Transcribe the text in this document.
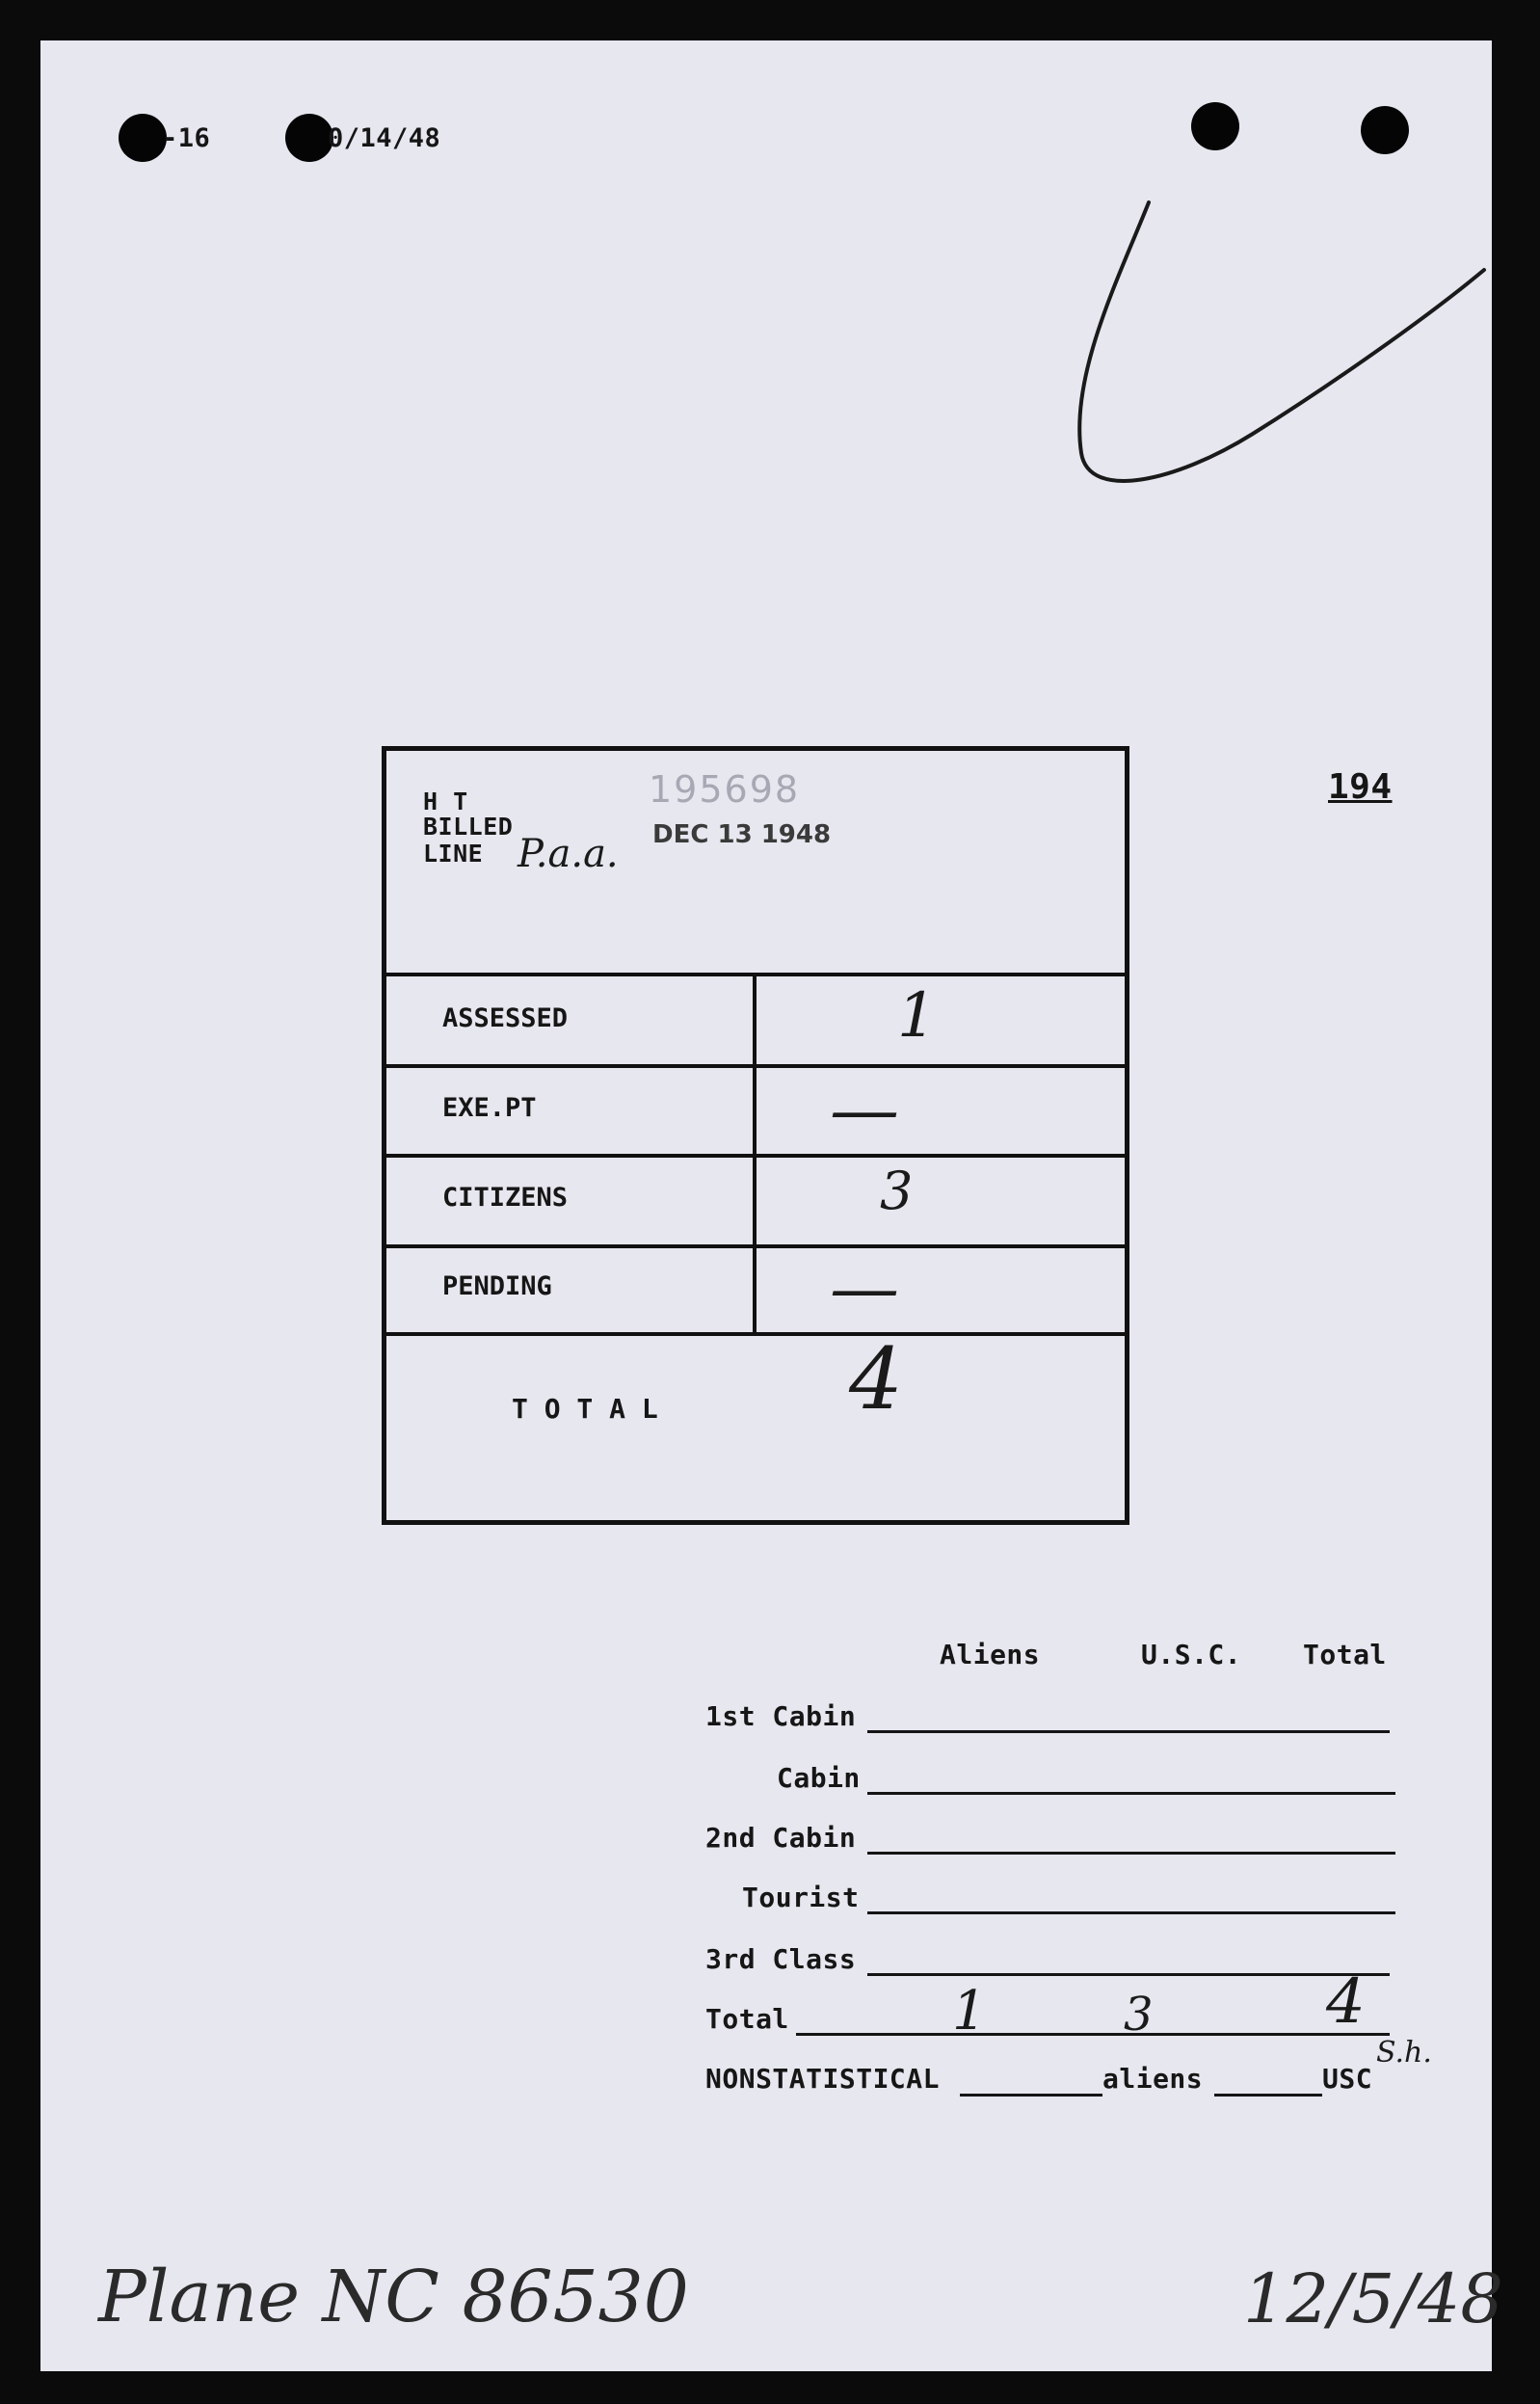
-16	0/14/48
194
H T
BILLED
LINE P.a.a.
195698
DEC 13 1948
ASSESSED	1
EXE.PT	—
CITIZENS	3
PENDING	—
T O T A L 4
Aliens	U.S.C. Total
1st Cabin
Cabin
2nd Cabin
Tourist
3rd Class
Total	1	3	4
S.h.
NONSTATISTICAL	aliens	USC
Plane NC 86530	12/5/48
